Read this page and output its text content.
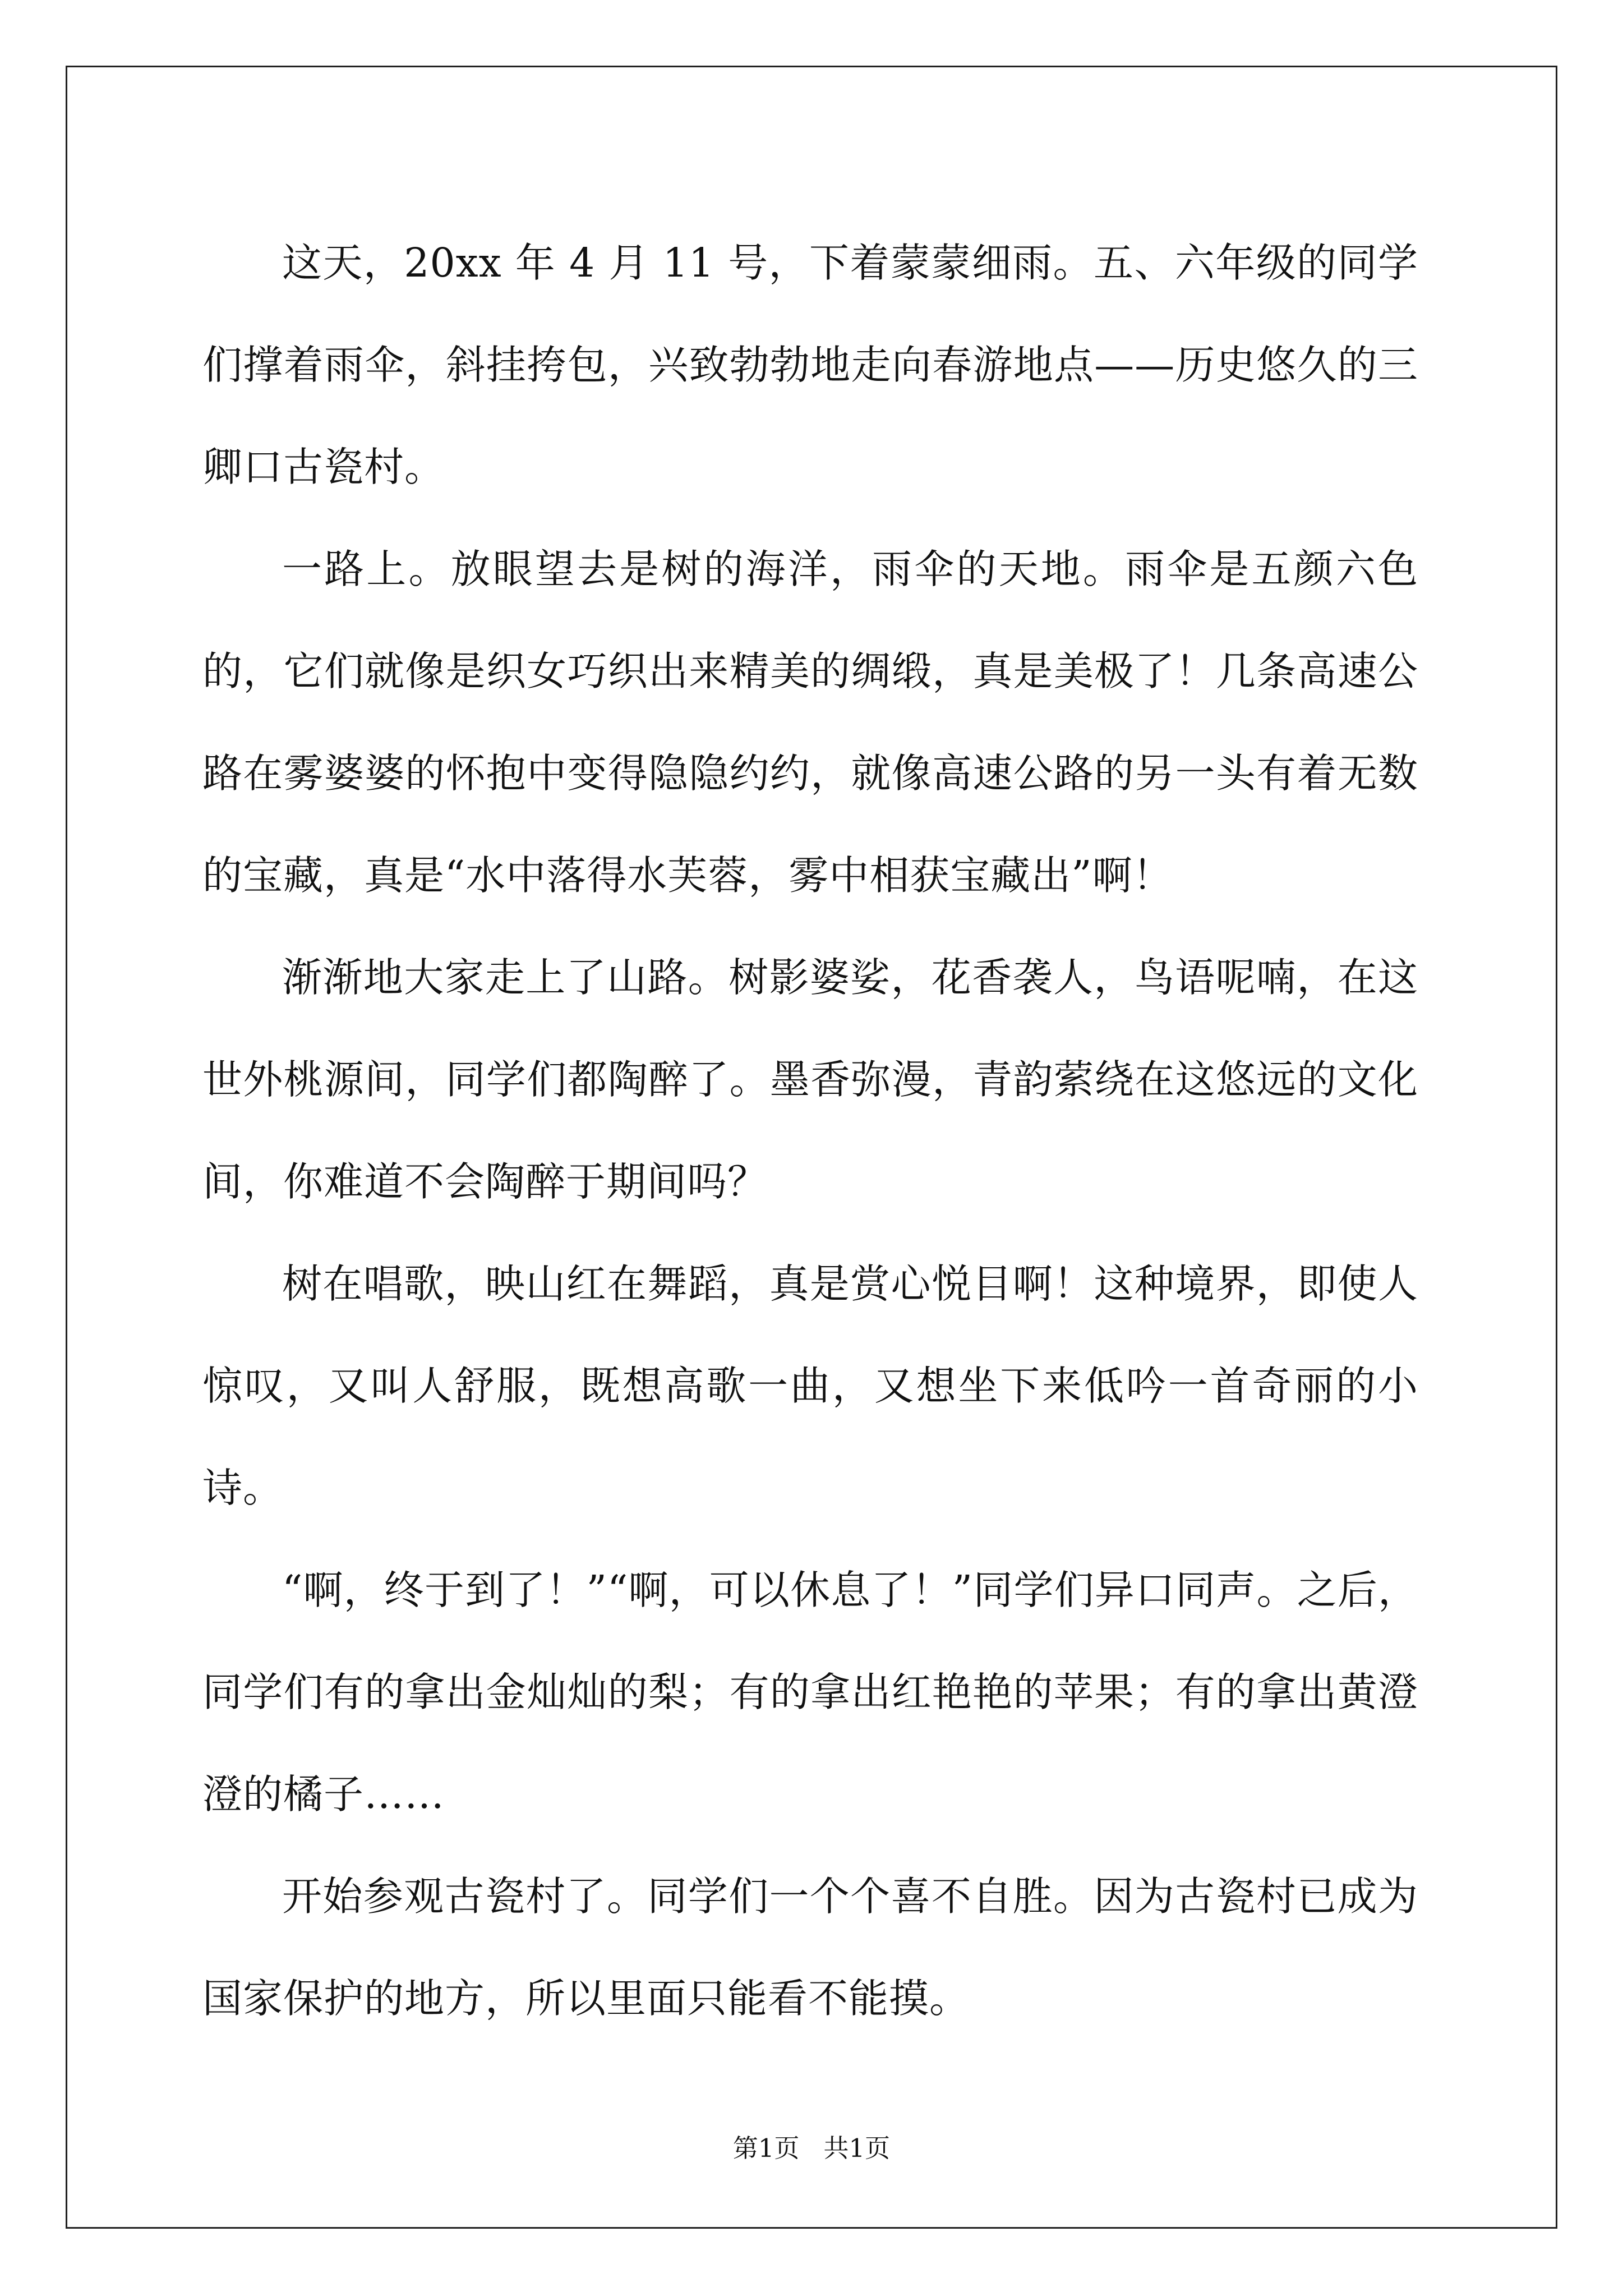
这天，20xx 年 4 月 11 号，下着蒙蒙细雨。五、六年级的同学们撑着雨伞，斜挂挎包，兴致勃勃地走向春游地点——历史悠久的三卿口古瓷村。

一路上。放眼望去是树的海洋，雨伞的天地。雨伞是五颜六色的，它们就像是织女巧织出来精美的绸缎，真是美极了！几条高速公路在雾婆婆的怀抱中变得隐隐约约，就像高速公路的另一头有着无数的宝藏，真是“水中落得水芙蓉，雾中相获宝藏出”啊！

渐渐地大家走上了山路。树影婆娑，花香袭人，鸟语呢喃，在这世外桃源间，同学们都陶醉了。墨香弥漫，青韵萦绕在这悠远的文化间，你难道不会陶醉于期间吗？

树在唱歌，映山红在舞蹈，真是赏心悦目啊！这种境界，即使人惊叹，又叫人舒服，既想高歌一曲，又想坐下来低吟一首奇丽的小诗。

“啊，终于到了！”“啊，可以休息了！”同学们异口同声。之后，同学们有的拿出金灿灿的梨；有的拿出红艳艳的苹果；有的拿出黄澄澄的橘子……

开始参观古瓷村了。同学们一个个喜不自胜。因为古瓷村已成为国家保护的地方，所以里面只能看不能摸。

第1页   共1页
